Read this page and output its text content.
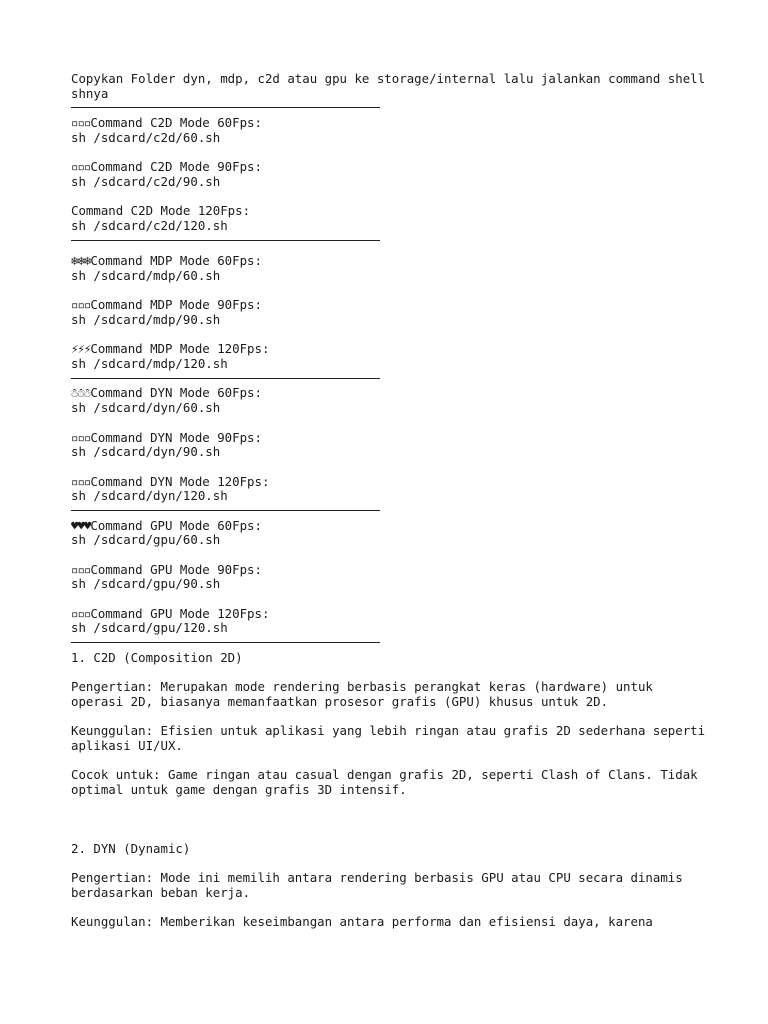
Copykan Folder dyn, mdp, c2d atau gpu ke storage/internal lalu jalankan command shell shnya
▫▫▫Command C2D Mode 60Fps:
sh /sdcard/c2d/60.sh
▫▫▫Command C2D Mode 90Fps:
sh /sdcard/c2d/90.sh
Command C2D Mode 120Fps:
sh /sdcard/c2d/120.sh
❄❄❄Command MDP Mode 60Fps:
sh /sdcard/mdp/60.sh
▫▫▫Command MDP Mode 90Fps:
sh /sdcard/mdp/90.sh
⚡⚡⚡Command MDP Mode 120Fps:
sh /sdcard/mdp/120.sh
☃☃☃Command DYN Mode 60Fps:
sh /sdcard/dyn/60.sh
▫▫▫Command DYN Mode 90Fps:
sh /sdcard/dyn/90.sh
▫▫▫Command DYN Mode 120Fps:
sh /sdcard/dyn/120.sh
♥♥♥Command GPU Mode 60Fps:
sh /sdcard/gpu/60.sh
▫▫▫Command GPU Mode 90Fps:
sh /sdcard/gpu/90.sh
▫▫▫Command GPU Mode 120Fps:
sh /sdcard/gpu/120.sh
1. C2D (Composition 2D)
Pengertian: Merupakan mode rendering berbasis perangkat keras (hardware) untuk operasi 2D, biasanya memanfaatkan prosesor grafis (GPU) khusus untuk 2D.
Keunggulan: Efisien untuk aplikasi yang lebih ringan atau grafis 2D sederhana seperti aplikasi UI/UX.
Cocok untuk: Game ringan atau casual dengan grafis 2D, seperti Clash of Clans. Tidak optimal untuk game dengan grafis 3D intensif.
2. DYN (Dynamic)
Pengertian: Mode ini memilih antara rendering berbasis GPU atau CPU secara dinamis berdasarkan beban kerja.
Keunggulan: Memberikan keseimbangan antara performa dan efisiensi daya, karena
